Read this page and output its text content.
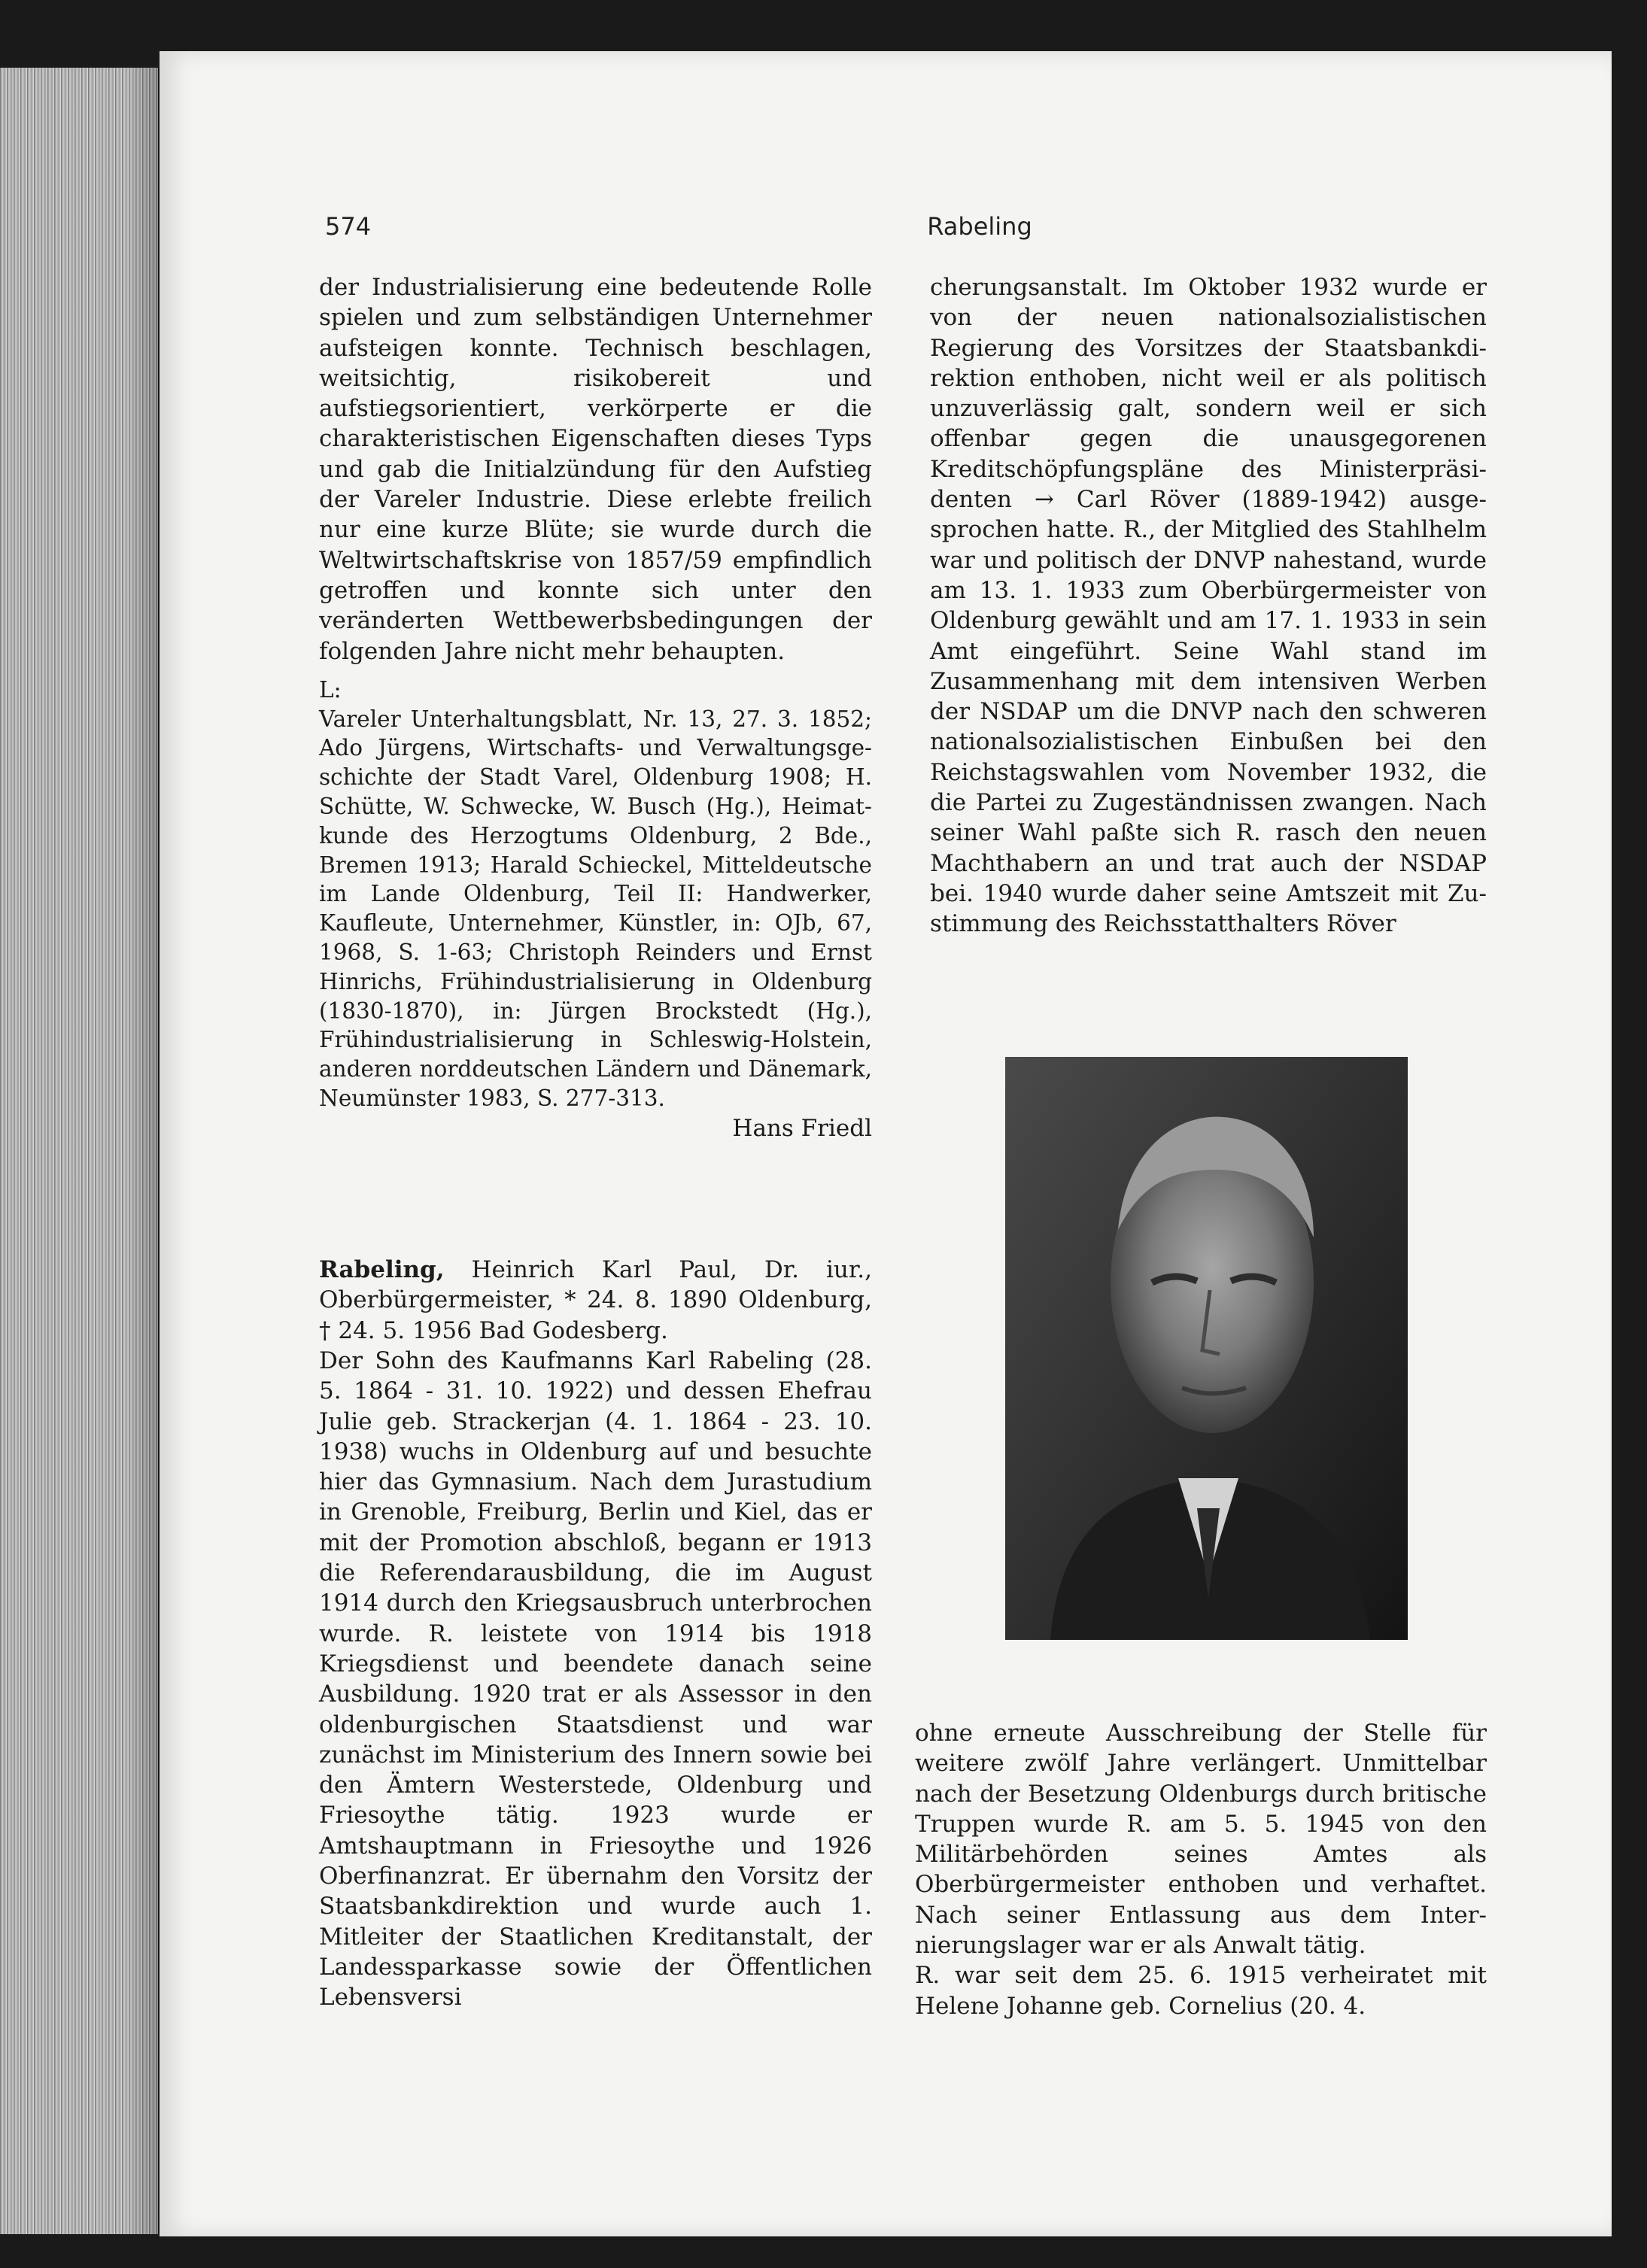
574	Rabeling

der Industrialisierung eine bedeutende Rolle spielen und zum selbständigen Unternehmer aufsteigen konnte. Technisch beschlagen, weitsichtig, risikobereit und aufstiegsorientiert, verkörperte er die charakteristischen Eigenschaften dieses Typs und gab die Initialzündung für den Aufstieg der Vareler Industrie. Diese erlebte freilich nur eine kurze Blüte; sie wurde durch die Weltwirtschaftskrise von 1857/59 empfindlich getroffen und konnte sich unter den veränderten Wettbewerbsbedingungen der folgenden Jahre nicht mehr behaupten.

L:

Vareler Unterhaltungsblatt, Nr. 13, 27. 3. 1852; Ado Jürgens, Wirtschafts- und Verwaltungsgeschichte der Stadt Varel, Oldenburg 1908; H. Schütte, W. Schwecke, W. Busch (Hg.), Heimatkunde des Herzogtums Oldenburg, 2 Bde., Bremen 1913; Harald Schieckel, Mitteldeutsche im Lande Oldenburg, Teil II: Handwerker, Kaufleute, Unternehmer, Künstler, in: OJb, 67, 1968, S. 1-63; Christoph Reinders und Ernst Hinrichs, Frühindustrialisierung in Oldenburg (1830-1870), in: Jürgen Brockstedt (Hg.), Frühindustrialisierung in Schleswig-Holstein, anderen norddeutschen Ländern und Dänemark, Neumünster 1983, S. 277-313.

Hans Friedl

Rabeling, Heinrich Karl Paul, Dr. iur., Oberbürgermeister, * 24. 8. 1890 Oldenburg, † 24. 5. 1956 Bad Godesberg.

Der Sohn des Kaufmanns Karl Rabeling (28. 5. 1864 - 31. 10. 1922) und dessen Ehefrau Julie geb. Strackerjan (4. 1. 1864 - 23. 10. 1938) wuchs in Oldenburg auf und besuchte hier das Gymnasium. Nach dem Jurastudium in Grenoble, Freiburg, Berlin und Kiel, das er mit der Promotion abschloß, begann er 1913 die Referendarausbildung, die im August 1914 durch den Kriegsausbruch unterbrochen wurde. R. leistete von 1914 bis 1918 Kriegsdienst und beendete danach seine Ausbildung. 1920 trat er als Assessor in den oldenburgischen Staatsdienst und war zunächst im Ministerium des Innern sowie bei den Ämtern Westerstede, Oldenburg und Friesoythe tätig. 1923 wurde er Amtshauptmann in Friesoythe und 1926 Oberfinanzrat. Er übernahm den Vorsitz der Staatsbankdirektion und wurde auch 1. Mitleiter der Staatlichen Kreditanstalt, der Landessparkasse sowie der Öffentlichen Lebensversi

cherungsanstalt. Im Oktober 1932 wurde er von der neuen nationalsozialistischen Regierung des Vorsitzes der Staatsbankdirektion enthoben, nicht weil er als politisch unzuverlässig galt, sondern weil er sich offenbar gegen die unausgegorenen Kreditschöpfungspläne des Ministerpräsidenten → Carl Röver (1889-1942) ausgesprochen hatte. R., der Mitglied des Stahlhelm war und politisch der DNVP nahestand, wurde am 13. 1. 1933 zum Oberbürgermeister von Oldenburg gewählt und am 17. 1. 1933 in sein Amt eingeführt. Seine Wahl stand im Zusammenhang mit dem intensiven Werben der NSDAP um die DNVP nach den schweren nationalsozialistischen Einbußen bei den Reichstagswahlen vom November 1932, die die Partei zu Zugeständnissen zwangen. Nach seiner Wahl paßte sich R. rasch den neuen Machthabern an und trat auch der NSDAP bei. 1940 wurde daher seine Amtszeit mit Zustimmung des Reichsstatthalters Röver

ohne erneute Ausschreibung der Stelle für weitere zwölf Jahre verlängert. Unmittelbar nach der Besetzung Oldenburgs durch britische Truppen wurde R. am 5. 5. 1945 von den Militärbehörden seines Amtes als Oberbürgermeister enthoben und verhaftet. Nach seiner Entlassung aus dem Internierungslager war er als Anwalt tätig.

R. war seit dem 25. 6. 1915 verheiratet mit Helene Johanne geb. Cornelius (20. 4.
